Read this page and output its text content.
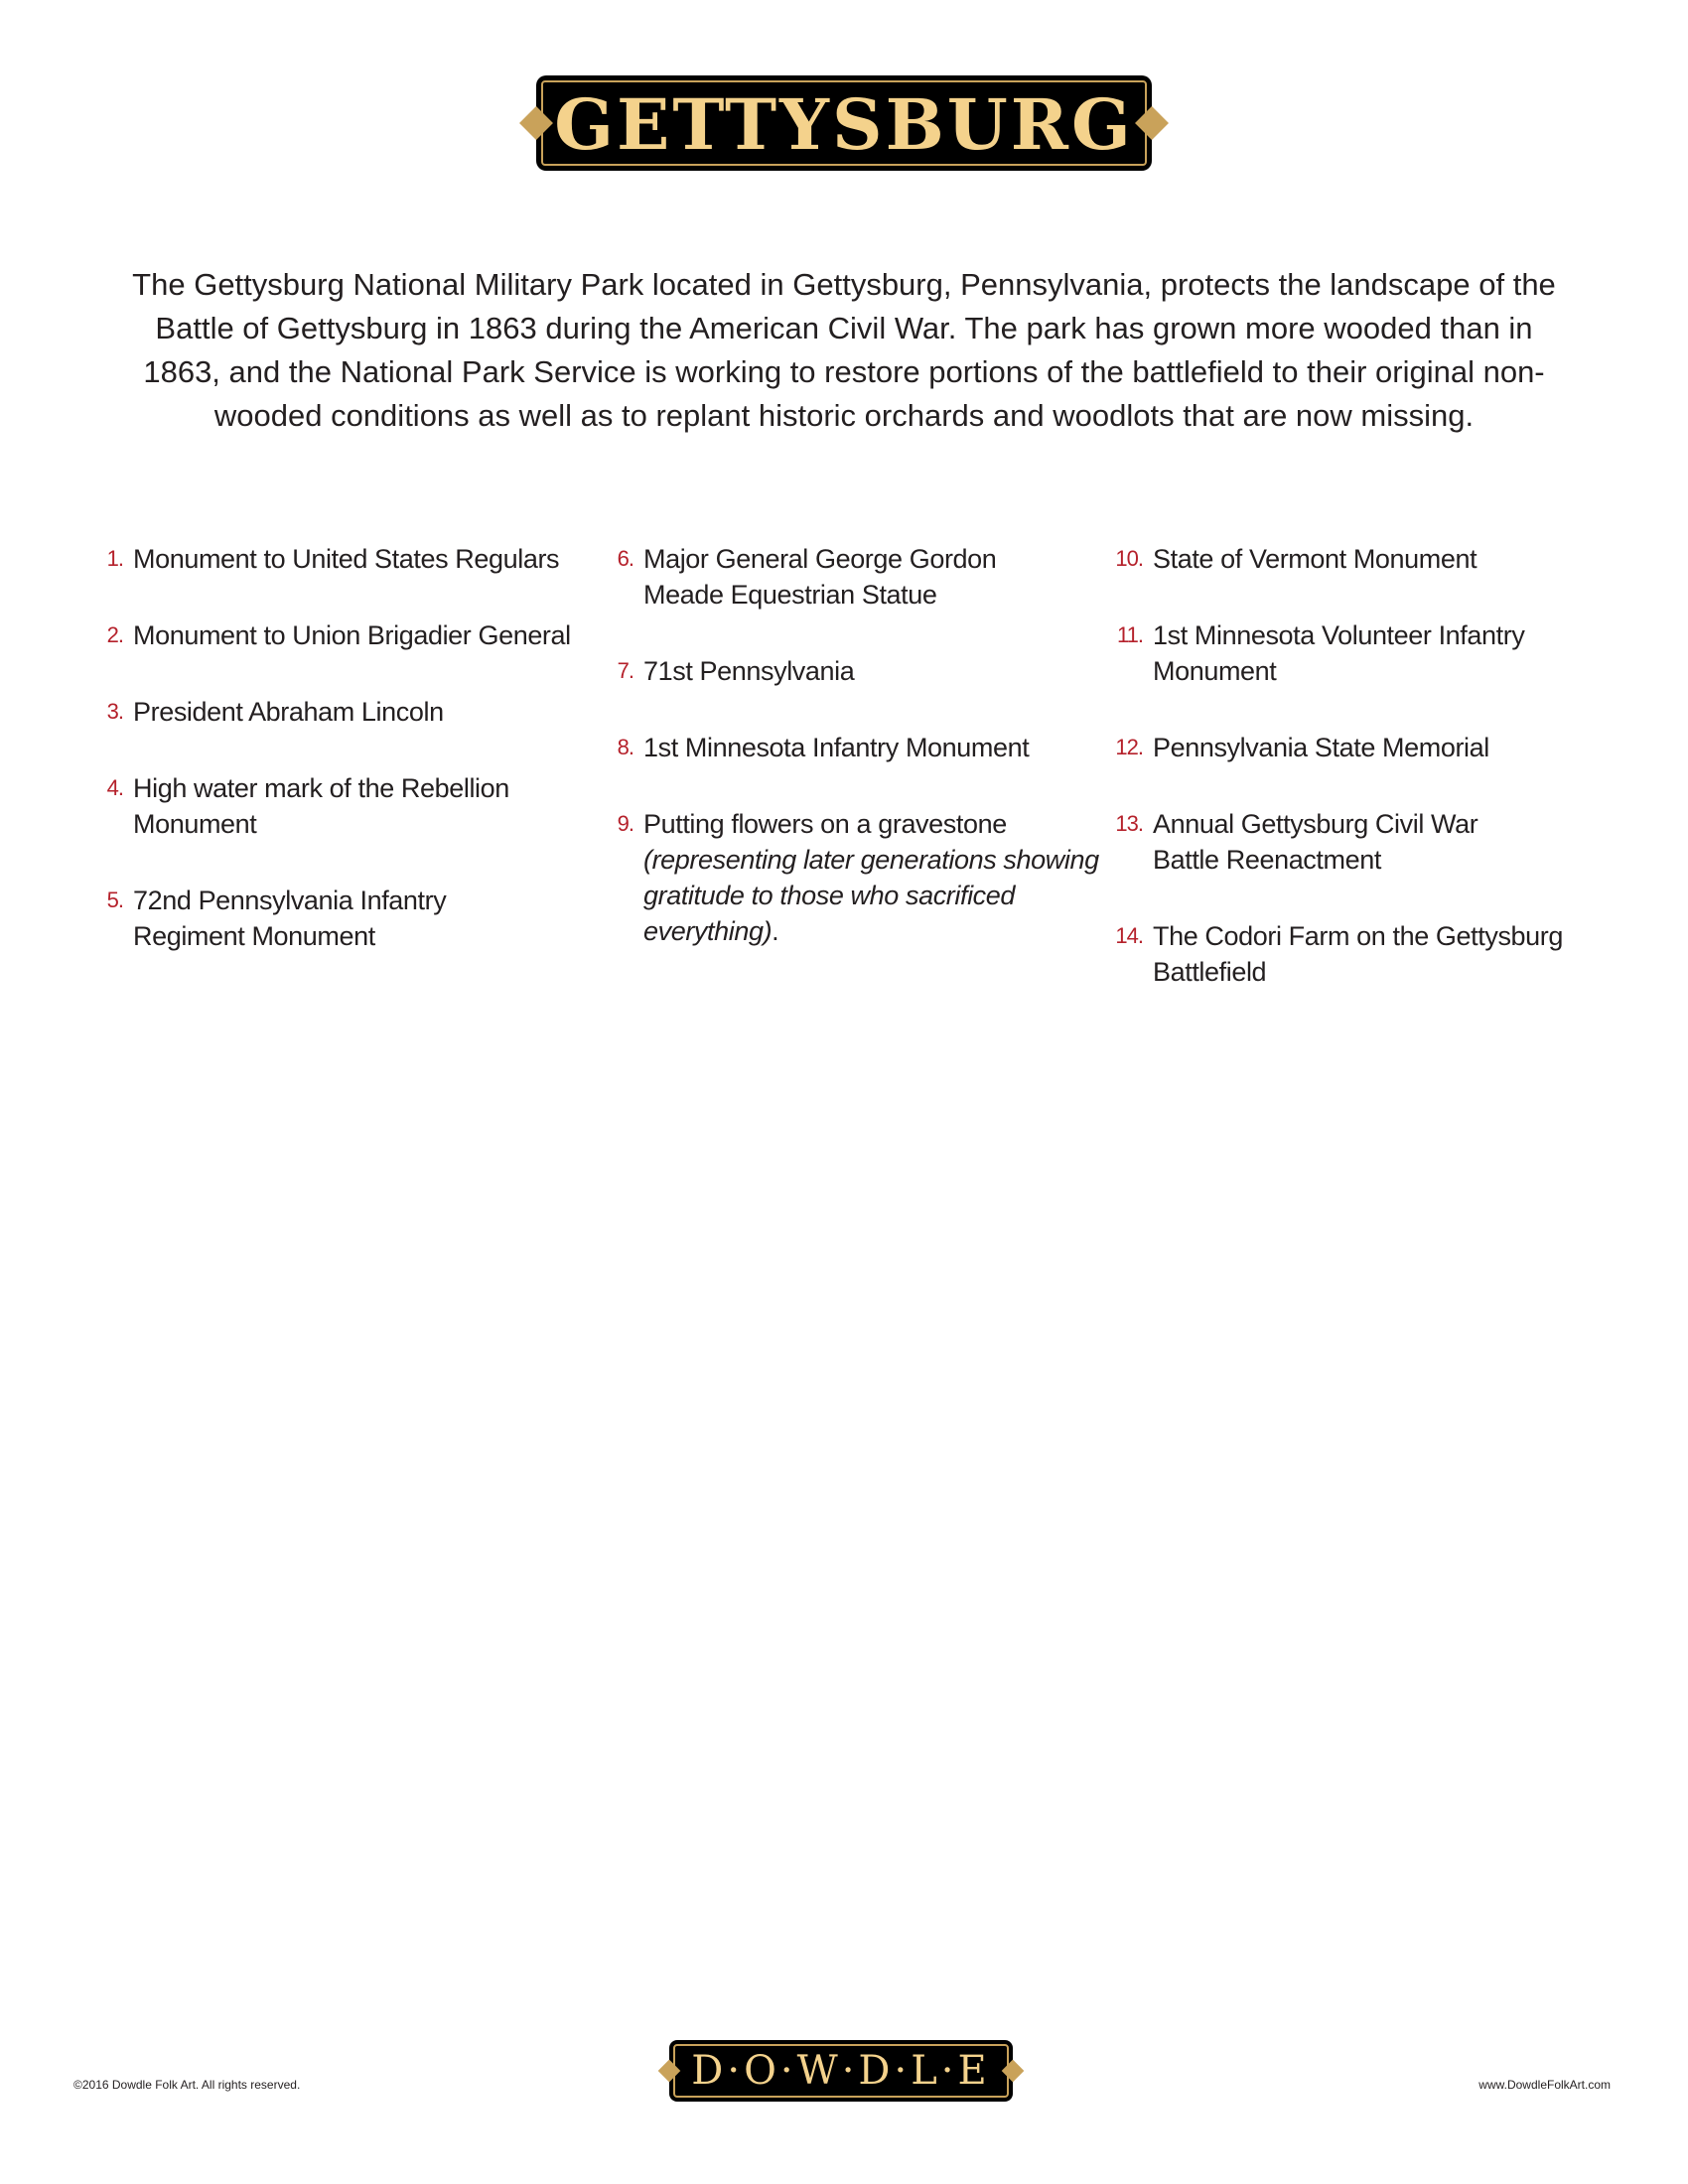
GETTYSBURG

The Gettysburg National Military Park located in Gettysburg, Pennsylvania, protects the landscape of the Battle of Gettysburg in 1863 during the American Civil War. The park has grown more wooded than in 1863, and the National Park Service is working to restore portions of the battlefield to their original non-wooded conditions as well as to replant historic orchards and woodlots that are now missing.

1. Monument to United States Regulars
2. Monument to Union Brigadier General
3. President Abraham Lincoln
4. High water mark of the Rebellion Monument
5. 72nd Pennsylvania Infantry
Regiment Monument
6. Major General George Gordon
Meade Equestrian Statue
7. 71st Pennsylvania
8. 1st Minnesota Infantry Monument
9. Putting flowers on a gravestone (representing later generations showing gratitude to those who sacrificed everything).
10. State of Vermont Monument
11. 1st Minnesota Volunteer Infantry Monument
12. Pennsylvania State Memorial
13. Annual Gettysburg Civil War
Battle Reenactment
14. The Codori Farm on the Gettysburg Battlefield
©2016 Dowdle Folk Art. All rights reserved.	D·O·W·D·L·E	www.DowdleFolkArt.com
